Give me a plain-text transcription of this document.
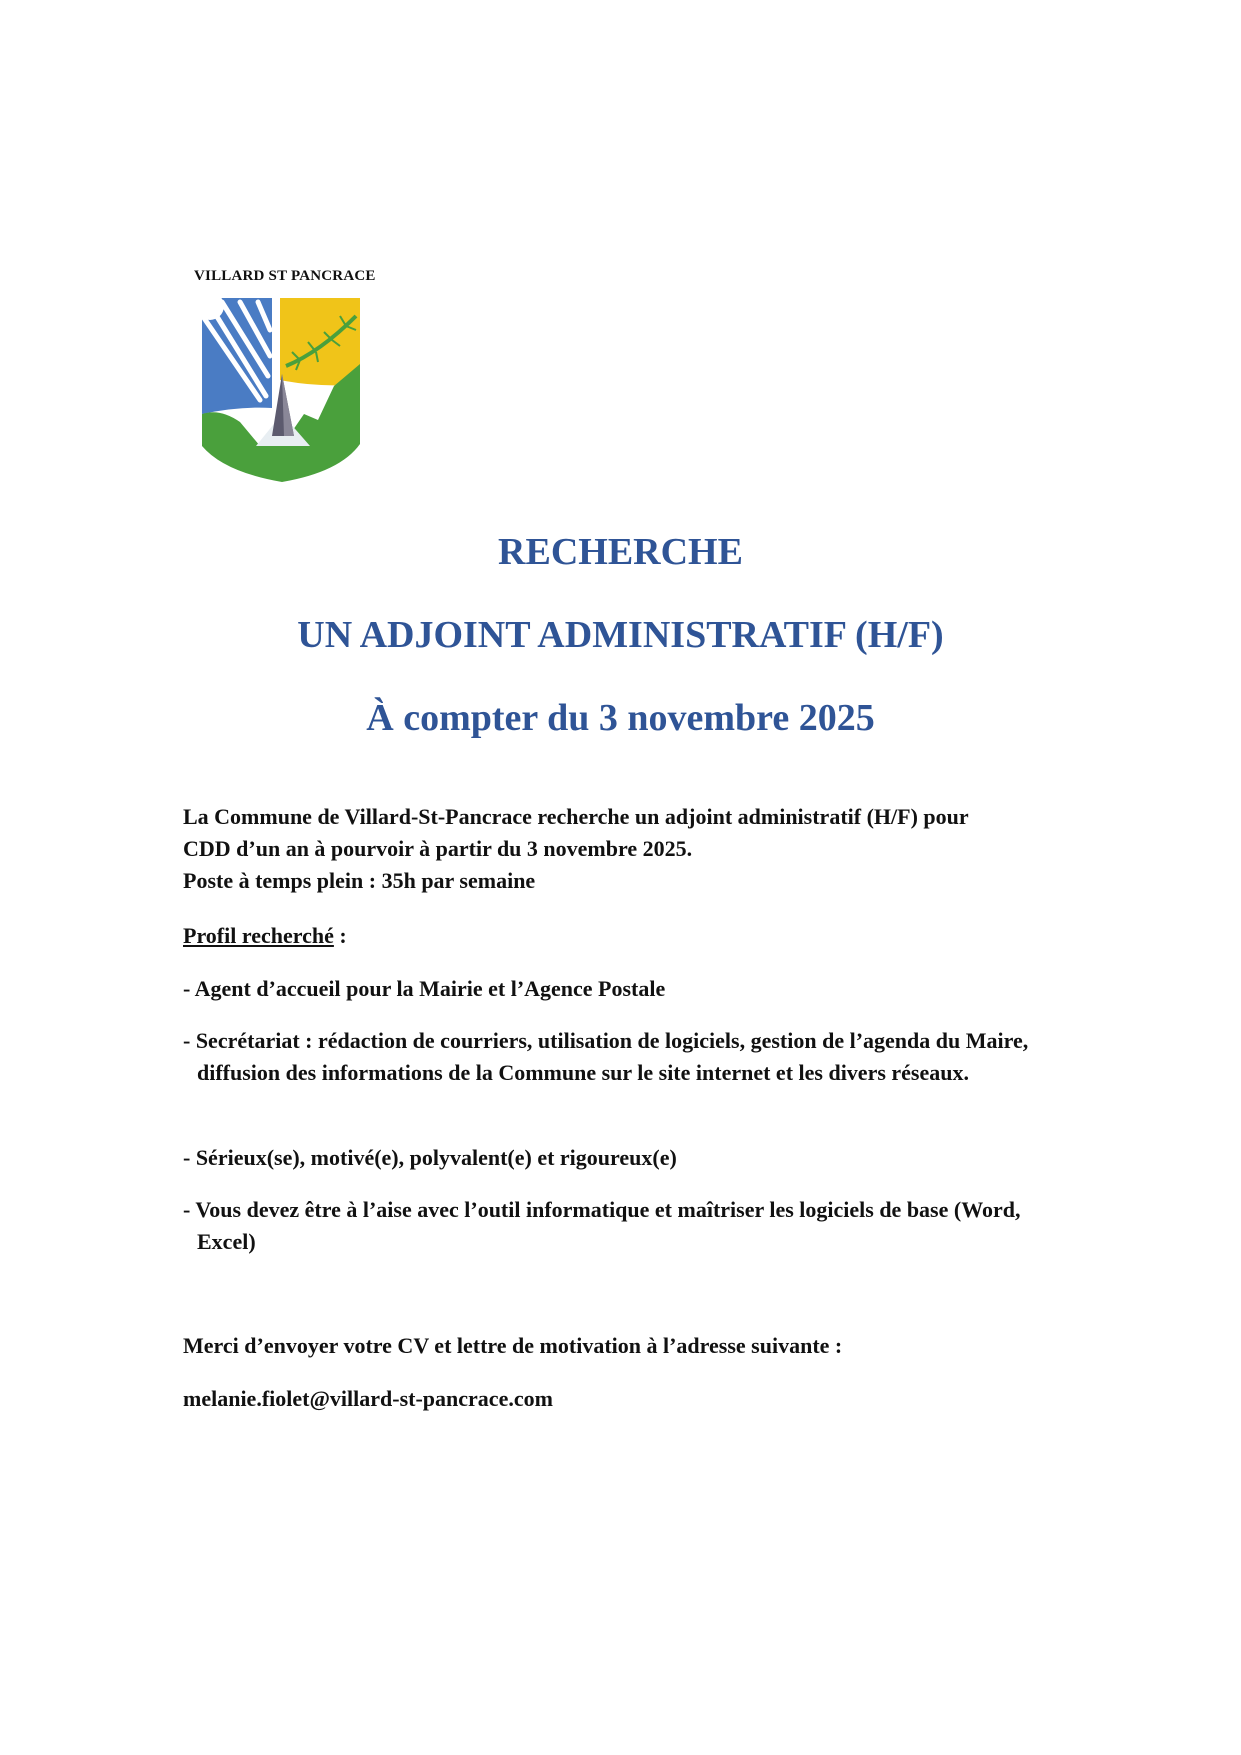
VILLARD ST PANCRACE
RECHERCHE
UN ADJOINT ADMINISTRATIF (H/F)
À compter du 3 novembre 2025
La Commune de Villard-St-Pancrace recherche un adjoint administratif (H/F) pour
CDD d’un an à pourvoir à partir du 3 novembre 2025.
Poste à temps plein : 35h par semaine
Profil recherché :
- Agent d’accueil pour la Mairie et l’Agence Postale
- Secrétariat : rédaction de courriers, utilisation de logiciels, gestion de l’agenda du Maire, diffusion des informations de la Commune sur le site internet et les divers réseaux.
- Sérieux(se), motivé(e), polyvalent(e) et rigoureux(e)
- Vous devez être à l’aise avec l’outil informatique et maîtriser les logiciels de base (Word, Excel)
Merci d’envoyer votre CV et lettre de motivation à l’adresse suivante :
melanie.fiolet@villard-st-pancrace.com
